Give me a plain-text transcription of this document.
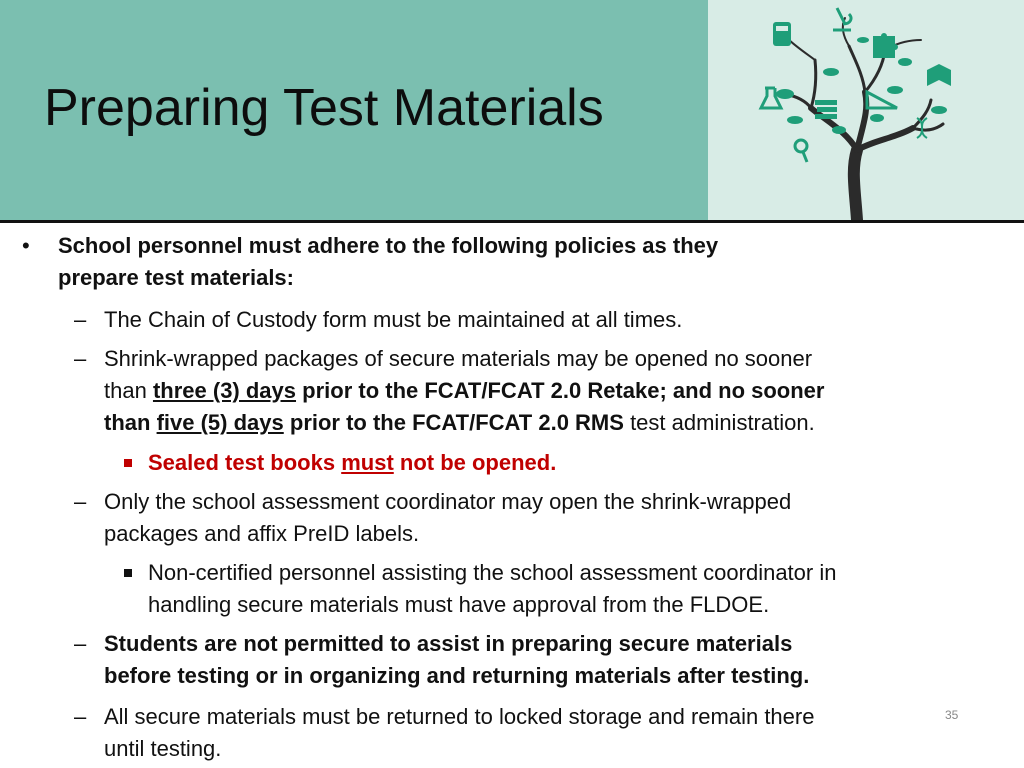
Preparing Test Materials
• School personnel must adhere to the following policies as they
prepare test materials:
– The Chain of Custody form must be maintained at all times.
– Shrink-wrapped packages of secure materials may be opened no sooner
than three (3) days prior to the FCAT/FCAT 2.0 Retake; and no sooner
than five (5) days prior to the FCAT/FCAT 2.0 RMS test administration.
Sealed test books must not be opened.
– Only the school assessment coordinator may open the shrink-wrapped
packages and affix PreID labels.
Non-certified personnel assisting the school assessment coordinator in
handling secure materials must have approval from the FLDOE.
– Students are not permitted to assist in preparing secure materials
before testing or in organizing and returning materials after testing.
– All secure materials must be returned to locked storage and remain there
until testing.
35
